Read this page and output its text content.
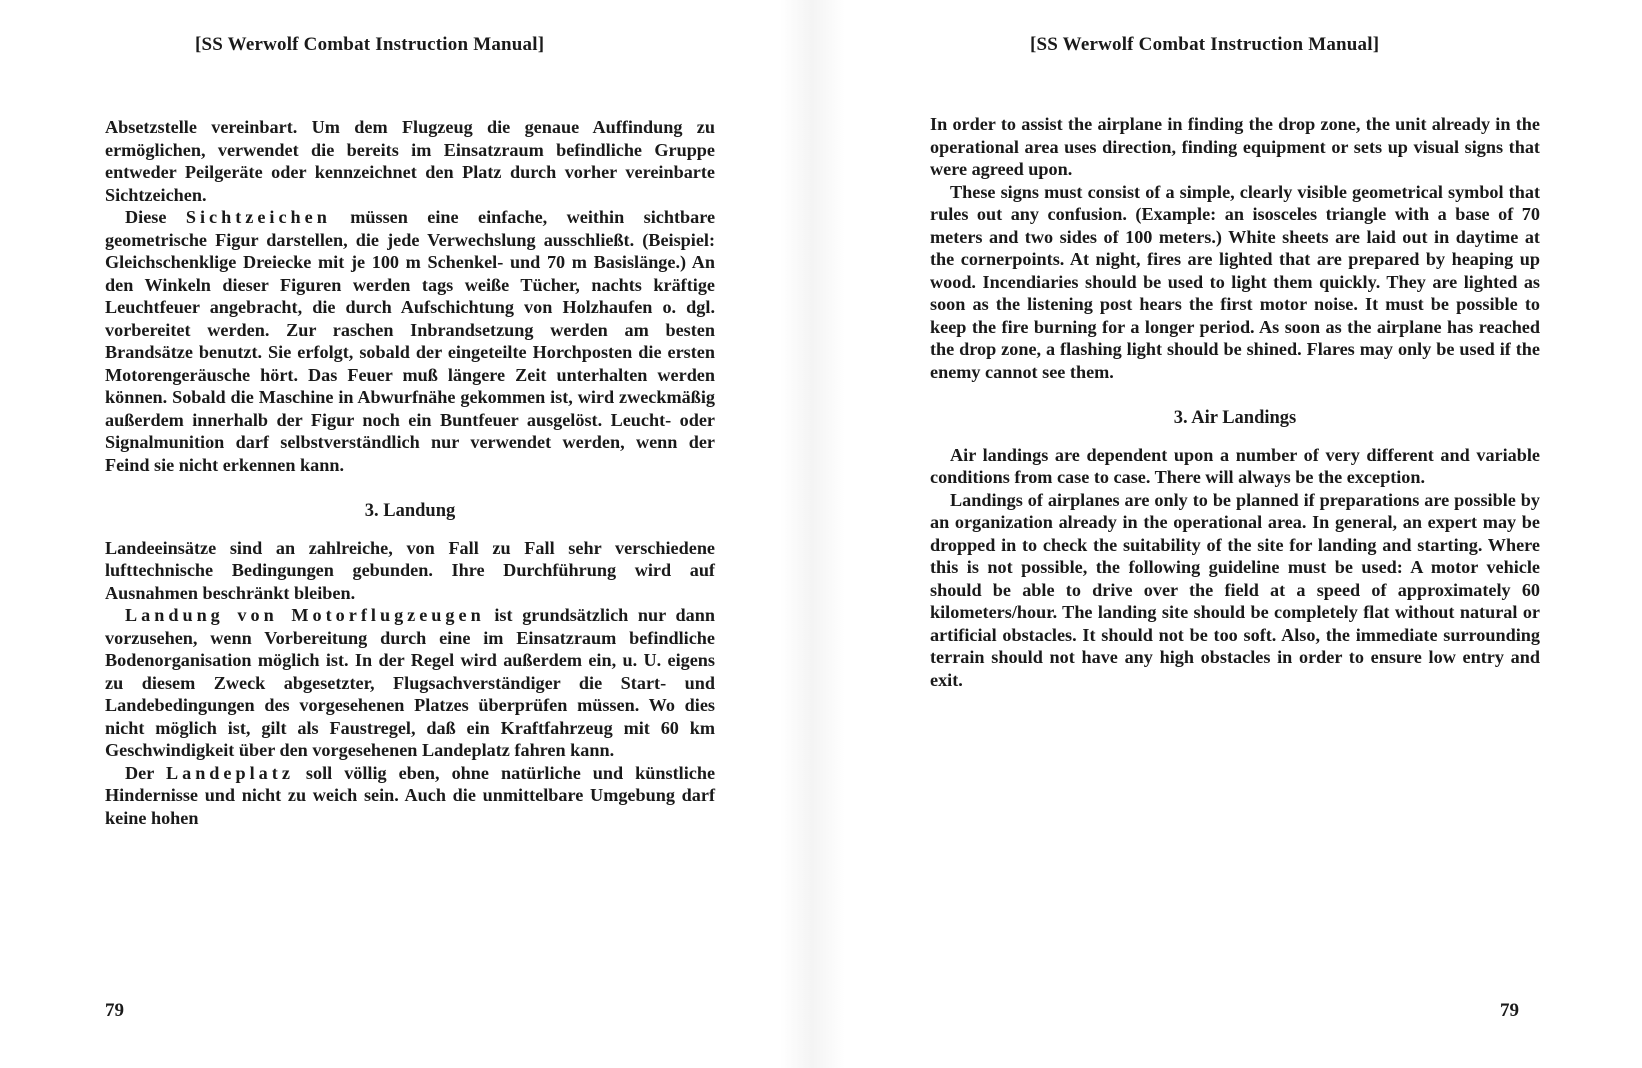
[SS Werwolf Combat Instruction Manual]

Absetzstelle vereinbart. Um dem Flugzeug die genaue Auffindung zu ermöglichen, verwendet die bereits im Einsatzraum befindliche Gruppe entweder Peilgeräte oder kennzeichnet den Platz durch vorher vereinbarte Sichtzeichen.

Diese Sichtzeichen müssen eine einfache, weithin sichtbare geometrische Figur darstellen, die jede Verwechslung ausschließt. (Beispiel: Gleichschenklige Dreiecke mit je 100 m Schenkel- und 70 m Basislänge.) An den Winkeln dieser Figuren werden tags weiße Tücher, nachts kräftige Leuchtfeuer angebracht, die durch Aufschichtung von Holzhaufen o. dgl. vorbereitet werden. Zur raschen Inbrandsetzung werden am besten Brandsätze benutzt. Sie erfolgt, sobald der eingeteilte Horchposten die ersten Motorengeräusche hört. Das Feuer muß längere Zeit unterhalten werden können. Sobald die Maschine in Abwurfnähe gekommen ist, wird zweckmäßig außerdem innerhalb der Figur noch ein Buntfeuer ausgelöst. Leucht- oder Signalmunition darf selbstverständlich nur verwendet werden, wenn der Feind sie nicht erkennen kann.

3. Landung

Landeeinsätze sind an zahlreiche, von Fall zu Fall sehr verschiedene lufttechnische Bedingungen gebunden. Ihre Durchführung wird auf Ausnahmen beschränkt bleiben.

Landung von Motorflugzeugen ist grundsätzlich nur dann vorzusehen, wenn Vorbereitung durch eine im Einsatzraum befindliche Bodenorganisation möglich ist. In der Regel wird außerdem ein, u. U. eigens zu diesem Zweck abgesetzter, Flugsachverständiger die Start- und Landebedingungen des vorgesehenen Platzes überprüfen müssen. Wo dies nicht möglich ist, gilt als Faustregel, daß ein Kraftfahrzeug mit 60 km Geschwindigkeit über den vorgesehenen Landeplatz fahren kann.

Der Landeplatz soll völlig eben, ohne natürliche und künstliche Hindernisse und nicht zu weich sein. Auch die unmittelbare Umgebung darf keine hohen

79
[SS Werwolf Combat Instruction Manual]

In order to assist the airplane in finding the drop zone, the unit already in the operational area uses direction, finding equipment or sets up visual signs that were agreed upon.

These signs must consist of a simple, clearly visible geometrical symbol that rules out any confusion. (Example: an isosceles triangle with a base of 70 meters and two sides of 100 meters.) White sheets are laid out in daytime at the cornerpoints. At night, fires are lighted that are prepared by heaping up wood. Incendiaries should be used to light them quickly. They are lighted as soon as the listening post hears the first motor noise. It must be possible to keep the fire burning for a longer period. As soon as the airplane has reached the drop zone, a flashing light should be shined. Flares may only be used if the enemy cannot see them.

3. Air Landings

Air landings are dependent upon a number of very different and variable conditions from case to case. There will always be the exception.

Landings of airplanes are only to be planned if preparations are possible by an organization already in the operational area. In general, an expert may be dropped in to check the suitability of the site for landing and starting. Where this is not possible, the following guideline must be used: A motor vehicle should be able to drive over the field at a speed of approximately 60 kilometers/hour. The landing site should be completely flat without natural or artificial obstacles. It should not be too soft. Also, the immediate surrounding terrain should not have any high obstacles in order to ensure low entry and exit.

79
